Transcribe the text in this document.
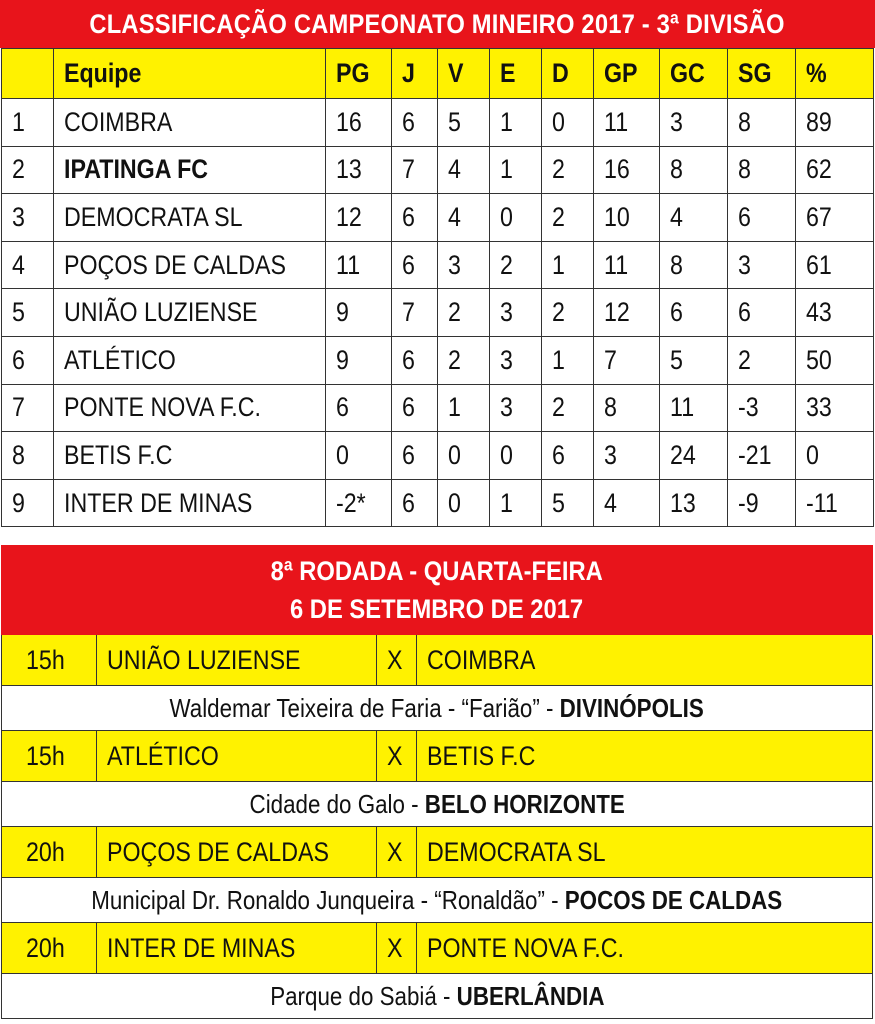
CLASSIFICAÇÃO CAMPEONATO MINEIRO 2017 - 3ª DIVISÃO
	Equipe	PG	J	V	E	D	GP	GC	SG	%
1	COIMBRA	16	6	5	1	0	11	3	8	89
2	IPATINGA FC	13	7	4	1	2	16	8	8	62
3	DEMOCRATA SL	12	6	4	0	2	10	4	6	67
4	POÇOS DE CALDAS	11	6	3	2	1	11	8	3	61
5	UNIÃO LUZIENSE	9	7	2	3	2	12	6	6	43
6	ATLÉTICO	9	6	2	3	1	7	5	2	50
7	PONTE NOVA F.C.	6	6	1	3	2	8	11	-3	33
8	BETIS F.C	0	6	0	0	6	3	24	-21	0
9	INTER DE MINAS	-2*	6	0	1	5	4	13	-9	-11
8ª RODADA - QUARTA-FEIRA
6 DE SETEMBRO DE 2017
15h UNIÃO LUZIENSE	X COIMBRA
Waldemar Teixeira de Faria - “Farião” - DIVINÓPOLIS
15h ATLÉTICO	X BETIS F.C
Cidade do Galo - BELO HORIZONTE
20h POÇOS DE CALDAS X DEMOCRATA SL
Municipal Dr. Ronaldo Junqueira - “Ronaldão” - POCOS DE CALDAS
20h INTER DE MINAS	X PONTE NOVA F.C.
Parque do Sabiá - UBERLÂNDIA
